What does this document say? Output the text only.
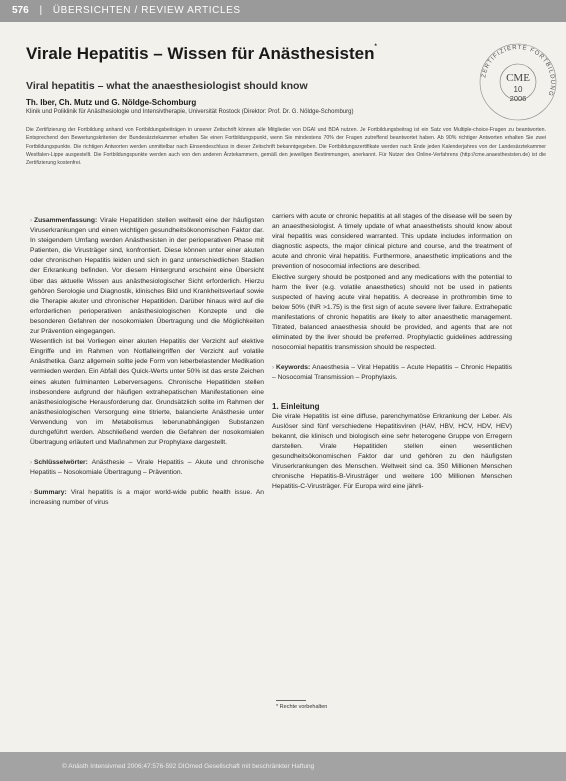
576 | ÜBERSICHTEN / REVIEW ARTICLES
Virale Hepatitis – Wissen für Anästhesisten*
ZERTIFIZIERTE FORTBILDUNG
CME
10
2006
Viral hepatitis – what the anaesthesiologist should know
Th. Iber, Ch. Mutz und G. Nöldge-Schomburg
Klinik und Poliklinik für Anästhesiologie und Intensivtherapie, Universität Rostock (Direktor: Prof. Dr. G. Nöldge-Schomburg)
Die Zertifizierung der Fortbildung anhand von Fortbildungsbeiträgen in unserer Zeitschrift können alle Mitglieder von DGAI und BDA nutzen. Je Fortbildungsbeitrag ist ein Satz von Multiple-choice-Fragen zu beantworten. Entsprechend den Bewertungskriterien der Bundesärztekammer erhalten Sie einen Fortbildungspunkt, wenn Sie mindestens 70% der Fragen zutreffend beantwortet haben. Ab 90% richtiger Antworten erhalten Sie zwei Fortbildungspunkte. Die richtigen Antworten werden unmittelbar nach Einsendeschluss in dieser Zeitschrift bekanntgegeben. Die Fortbildungszertifikate werden nach Ende jeden Kalenderjahres von der Landesärztekammer Westfalen-Lippe ausgestellt. Die Fortbildungspunkte werden auch von den anderen Ärztekammern, gemäß den jeweiligen Bestimmungen, anerkannt. Für Nutzer des Online-Verfahrens (http://cme.anaesthesisten.de) ist die Zertifizierung kostenfrei.

› Zusammenfassung: Virale Hepatitiden stellen weltweit eine der häufigsten Viruserkrankungen und einen wichtigen gesundheitsökonomischen Faktor dar. In steigendem Umfang werden Anästhesisten in der perioperativen Phase mit Patienten, die Virusträger sind, konfrontiert. Diese können unter einer akuten oder chronischen Hepatitis leiden und sich in ganz unterschiedlichen Stadien der Erkrankung befinden. Vor diesem Hintergrund erscheint eine Übersicht über das aktuelle Wissen aus anästhesiologischer Sicht erforderlich. Hierzu gehören Serologie und Diagnostik, klinisches Bild und Krankheitsverlauf sowie die Therapie akuter und chronischer Hepatitiden. Darüber hinaus wird auf die erforderlichen perioperativen anästhesiologischen Konzepte und die besonderen Gefahren der nosokomialen Übertragung und die Möglichkeiten zur Prävention eingegangen.

Wesentlich ist bei Vorliegen einer akuten Hepatitis der Verzicht auf elektive Eingriffe und im Rahmen von Notfalleingriffen der Verzicht auf volatile Anästhetika. Ganz allgemein sollte jede Form von leberbelastender Medikation vermieden werden. Ein Abfall des Quick-Werts unter 50% ist das erste Zeichen eines akuten fulminanten Leberversagens. Chronische Hepatitiden stellen insbesondere aufgrund der häufigen extrahepatischen Manifestationen eine anästhesiologische Herausforderung dar. Grundsätzlich sollte im Rahmen der anästhesiologischen Versorgung eine titrierte, balancierte Anästhesie unter Verwendung von im Metabolismus leberunabhängigen Substanzen durchgeführt werden. Abschließend werden die Gefahren der nosokomialen Übertragung erläutert und Maßnahmen zur Prophylaxe dargestellt.

› Schlüsselwörter: Anästhesie – Virale Hepatitis – Akute und chronische Hepatitis – Nosokomiale Übertragung – Prävention.

› Summary: Viral hepatitis is a major world-wide public health issue. An increasing number of virus

carriers with acute or chronic hepatitis at all stages of the disease will be seen by an anaesthesiologist. A timely update of what anaesthetists should know about viral hepatitis was considered warranted. This update includes information on diagnostic aspects, the major clinical picture and course, and the treatment of acute and chronic viral hepatitis. Furthermore, anaesthetic implications and the prevention of nosocomial infections are described.

Elective surgery should be postponed and any medications with the potential to harm the liver (e.g. volatile anaesthetics) should not be used in patients suspected of having acute viral hepatitis. A decrease in prothrombin time to below 50% (INR >1.75) is the first sign of acute severe liver failure. Extrahepatic manifestations of chronic hepatitis are likely to alter anaesthetic management. Titrated, balanced anaesthesia should be provided, and agents that are not eliminated by the liver should be preferred. Prophylactic guidelines addressing nosocomial hepatitis transmission should be respected.

› Keywords: Anaesthesia – Viral Hepatitis – Acute Hepatitis – Chronic Hepatitis – Nosocomial Transmission – Prophylaxis.

1. Einleitung

Die virale Hepatitis ist eine diffuse, parenchymatöse Erkrankung der Leber. Als Auslöser sind fünf verschiedene Hepatitisviren (HAV, HBV, HCV, HDV, HEV) bekannt, die klinisch und biologisch eine sehr heterogene Gruppe von Erregern darstellen. Virale Hepatitiden stellen einen wesentlichen gesundheitsökonomischen Faktor dar und gehören zu den häufigsten Viruserkrankungen des Menschen. Weltweit sind ca. 350 Millionen Menschen chronische Hepatitis-B-Virusträger und weitere 100 Millionen Menschen Hepatitis-C-Virusträger. Für Europa wird eine jährli-

* Rechte vorbehalten
© Anästh Intensivmed 2006;47:576-592 DIOmed Gesellschaft mit beschränkter Haftung
